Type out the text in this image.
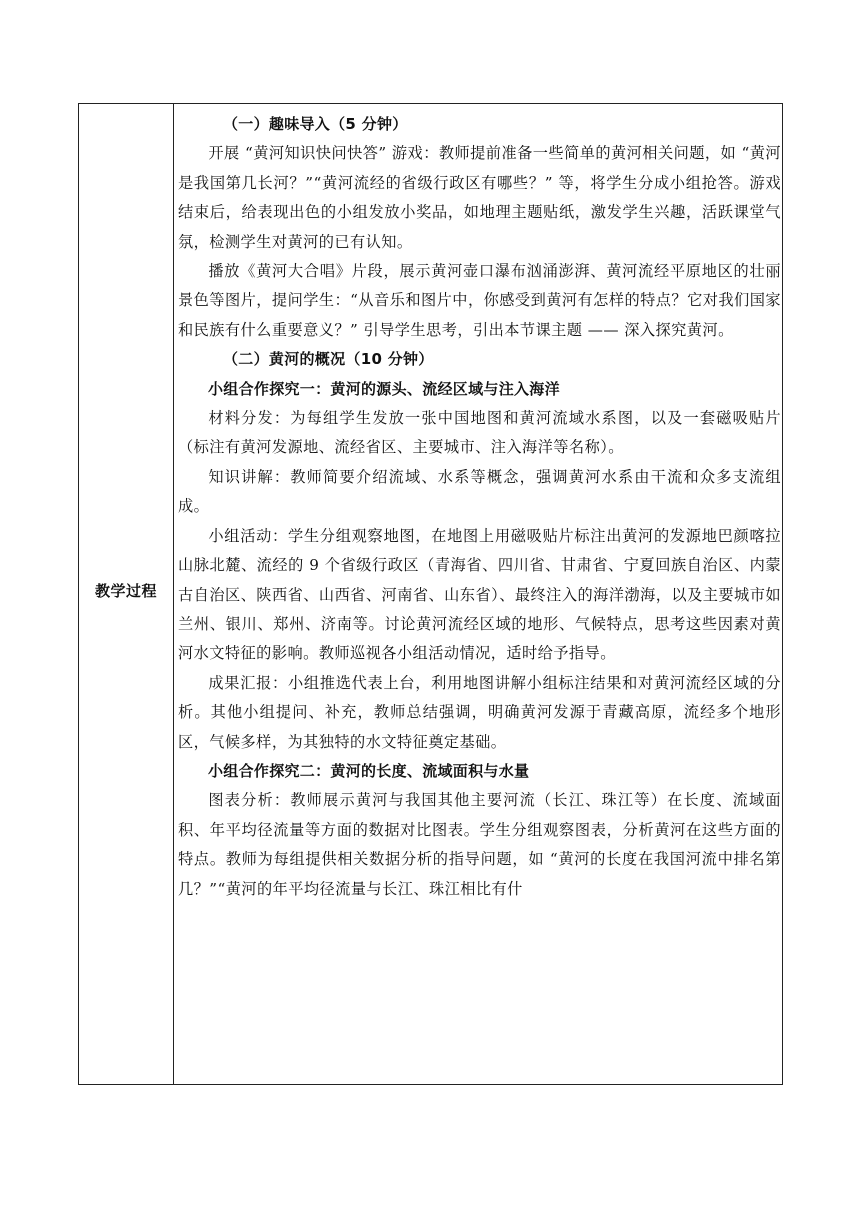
教学过程

（一）趣味导入（5 分钟）

开展 “黄河知识快问快答” 游戏：教师提前准备一些简单的黄河相关问题，如 “黄河是我国第几长河？”“黄河流经的省级行政区有哪些？” 等，将学生分成小组抢答。游戏结束后，给表现出色的小组发放小奖品，如地理主题贴纸，激发学生兴趣，活跃课堂气氛，检测学生对黄河的已有认知。

播放《黄河大合唱》片段，展示黄河壶口瀑布汹涌澎湃、黄河流经平原地区的壮丽景色等图片，提问学生：“从音乐和图片中，你感受到黄河有怎样的特点？它对我们国家和民族有什么重要意义？” 引导学生思考，引出本节课主题 —— 深入探究黄河。

（二）黄河的概况（10 分钟）

小组合作探究一：黄河的源头、流经区域与注入海洋

材料分发：为每组学生发放一张中国地图和黄河流域水系图，以及一套磁吸贴片（标注有黄河发源地、流经省区、主要城市、注入海洋等名称）。

知识讲解：教师简要介绍流域、水系等概念，强调黄河水系由干流和众多支流组成。

小组活动：学生分组观察地图，在地图上用磁吸贴片标注出黄河的发源地巴颜喀拉山脉北麓、流经的 9 个省级行政区（青海省、四川省、甘肃省、宁夏回族自治区、内蒙古自治区、陕西省、山西省、河南省、山东省）、最终注入的海洋渤海，以及主要城市如兰州、银川、郑州、济南等。讨论黄河流经区域的地形、气候特点，思考这些因素对黄河水文特征的影响。教师巡视各小组活动情况，适时给予指导。

成果汇报：小组推选代表上台，利用地图讲解小组标注结果和对黄河流经区域的分析。其他小组提问、补充，教师总结强调，明确黄河发源于青藏高原，流经多个地形区，气候多样，为其独特的水文特征奠定基础。

小组合作探究二：黄河的长度、流域面积与水量

图表分析：教师展示黄河与我国其他主要河流（长江、珠江等）在长度、流域面积、年平均径流量等方面的数据对比图表。学生分组观察图表，分析黄河在这些方面的特点。教师为每组提供相关数据分析的指导问题，如 “黄河的长度在我国河流中排名第几？”“黄河的年平均径流量与长江、珠江相比有什
